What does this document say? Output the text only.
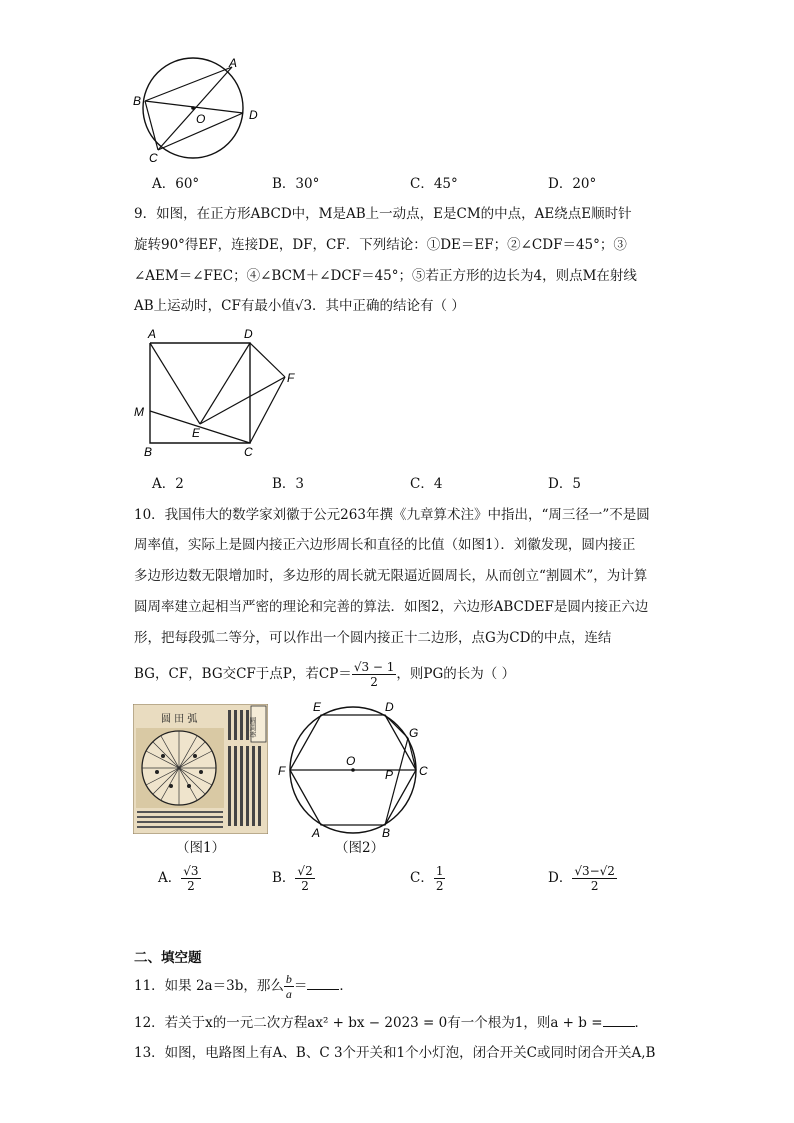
A
B
C
D
O
A．60°	B．30°	C．45°	D．20°
9．如图，在正方形ABCD中，M是AB上一动点，E是CM的中点，AE绕点E顺时针
旋转90°得EF，连接DE，DF，CF．下列结论：①DE＝EF；②∠CDF＝45°；③
∠AEM＝∠FEC；④∠BCM＋∠DCF＝45°；⑤若正方形的边长为4，则点M在射线
AB上运动时，CF有最小值√3．其中正确的结论有（ ）
A	D
F
M
E
B	C
A．2	B．3	C．4	D．5
10．我国伟大的数学家刘徽于公元263年撰《九章算术注》中指出，“周三径一”不是圆
周率值，实际上是圆内接正六边形周长和直径的比值（如图1）．刘徽发现，圆内接正
多边形边数无限增加时，多边形的周长就无限逼近圆周长，从而创立“割圆术”，为计算
圆周率建立起相当严密的理论和完善的算法．如图2，六边形ABCDEF是圆内接正六边
形，把每段弧二等分，可以作出一个圆内接正十二边形，点G为CD的中点，连结
BG，CF，BG交CF于点P，若$CP= \frac{√3 - 1}{2}$ ，则PG的长为（ ）
圆 田 弧	圆周率
（图1）
E	D
G
O
F	P C
A	B
（图2）
A． $\frac{√3}{2}$	B． $\frac{√2}{2}$	C． $\frac{1}{2}$	D． $\frac{√3-√2}{2}$
二、填空题
11．如果 2a＝3b，那么 $\frac{b}{a}$ ＝ ．
12．若关于x的一元二次方程ax² + bx − 2023 = 0有一个根为1，则a + b = ．
13．如图，电路图上有A、B、C 3个开关和1个小灯泡，闭合开关C或同时闭合开关A,B
